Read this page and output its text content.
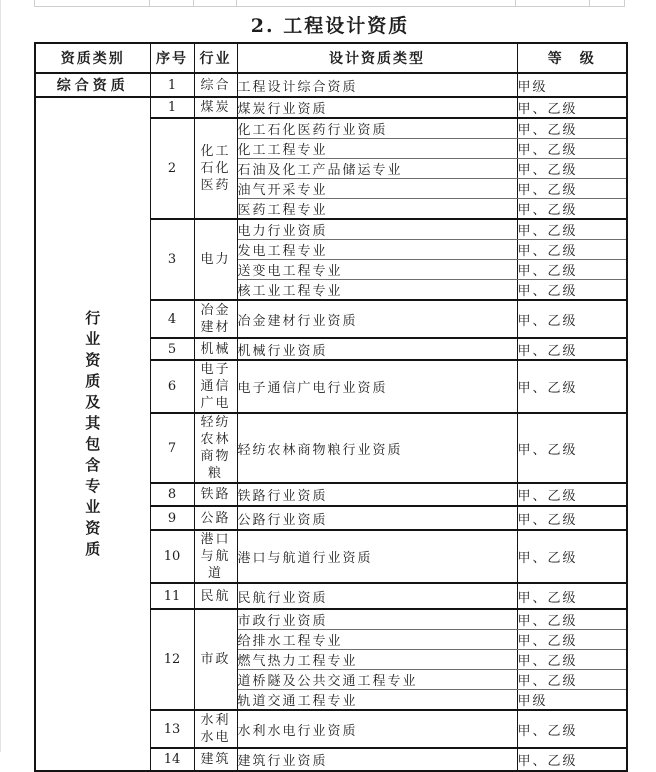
2. 工程设计资质
资质类别	序号	行业	设计资质类型	等　级
综合资质	1	综合	工程设计综合资质	甲级

行
业
资
质
及
其
包
含
专
业
资
质
	1	煤炭	煤炭行业资质	甲、乙级
	2	化工
石化
医药	化工石化医药行业资质	甲、乙级
			化工工程专业	甲、乙级
			石油及化工产品储运专业	甲、乙级
			油气开采专业	甲、乙级
			医药工程专业	甲、乙级
	3	电力	电力行业资质	甲、乙级
			发电工程专业	甲、乙级
			送变电工程专业	甲、乙级
			核工业工程专业	甲、乙级
	4	冶金
建材	冶金建材行业资质	甲、乙级
	5	机械	机械行业资质	甲、乙级
	6	电子
通信
广电	电子通信广电行业资质	甲、乙级
	7	轻纺
农林
商物
粮	轻纺农林商物粮行业资质	甲、乙级
	8	铁路	铁路行业资质	甲、乙级
	9	公路	公路行业资质	甲、乙级
	10	港口
与航
道	港口与航道行业资质	甲、乙级
	11	民航	民航行业资质	甲、乙级
	12	市政	市政行业资质	甲、乙级
			给排水工程专业	甲、乙级
			燃气热力工程专业	甲、乙级
			道桥隧及公共交通工程专业	甲、乙级
			轨道交通工程专业	甲级
	13	水利
水电	水利水电行业资质	甲、乙级
	14	建筑	建筑行业资质	甲、乙级
